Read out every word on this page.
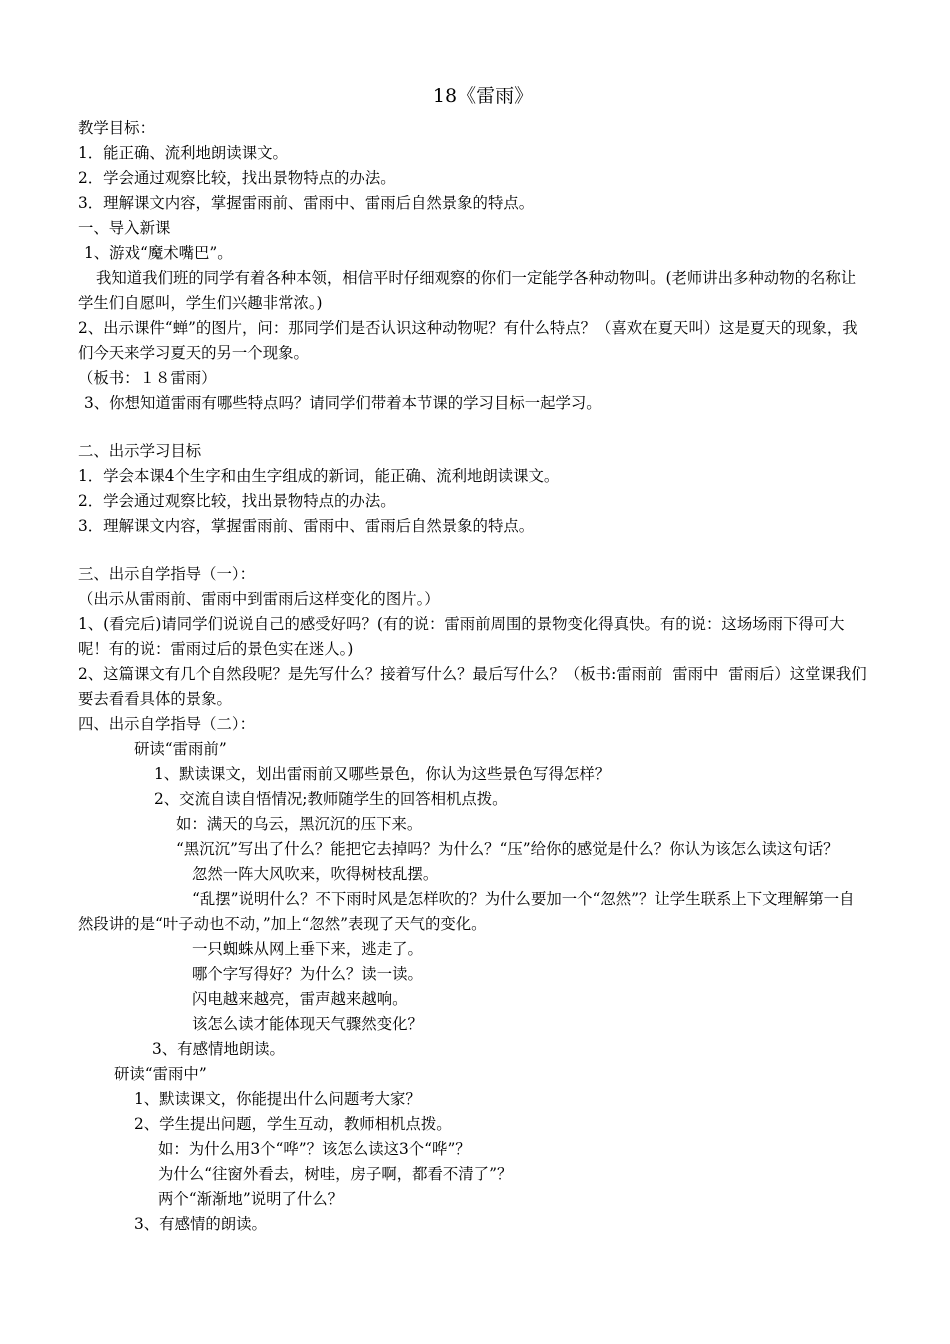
18《雷雨》

教学目标：

1．能正确、流利地朗读课文。

2．学会通过观察比较，找出景物特点的办法。

3．理解课文内容，掌握雷雨前、雷雨中、雷雨后自然景象的特点。

一、导入新课

1、游戏“魔术嘴巴”。

我知道我们班的同学有着各种本领，相信平时仔细观察的你们一定能学各种动物叫。(老师讲出多种动物的名称让学生们自愿叫，学生们兴趣非常浓。)

2、出示课件“蝉”的图片，问：那同学们是否认识这种动物呢？有什么特点？（喜欢在夏天叫）这是夏天的现象，我们今天来学习夏天的另一个现象。

（板书：１８雷雨）

3、你想知道雷雨有哪些特点吗？请同学们带着本节课的学习目标一起学习。

二、出示学习目标

1．学会本课4个生字和由生字组成的新词，能正确、流利地朗读课文。

2．学会通过观察比较，找出景物特点的办法。

3．理解课文内容，掌握雷雨前、雷雨中、雷雨后自然景象的特点。

三、出示自学指导（一）：

（出示从雷雨前、雷雨中到雷雨后这样变化的图片。）

1、(看完后)请同学们说说自己的感受好吗？(有的说：雷雨前周围的景物变化得真快。有的说：这场场雨下得可大呢！有的说：雷雨过后的景色实在迷人。)

2、这篇课文有几个自然段呢？是先写什么？接着写什么？最后写什么？（板书:雷雨前  雷雨中  雷雨后）这堂课我们要去看看具体的景象。

四、出示自学指导（二）：

研读“雷雨前”

1、默读课文，划出雷雨前又哪些景色，你认为这些景色写得怎样？

2、交流自读自悟情况;教师随学生的回答相机点拨。

如：满天的乌云，黑沉沉的压下来。

“黑沉沉”写出了什么？能把它去掉吗？为什么？“压”给你的感觉是什么？你认为该怎么读这句话？

忽然一阵大风吹来，吹得树枝乱摆。

“乱摆”说明什么？不下雨时风是怎样吹的？为什么要加一个“忽然”？让学生联系上下文理解第一自然段讲的是“叶子动也不动，”加上“忽然”表现了天气的变化。

一只蜘蛛从网上垂下来，逃走了。

哪个字写得好？为什么？读一读。

闪电越来越亮，雷声越来越响。

该怎么读才能体现天气骤然变化？

3、有感情地朗读。

研读“雷雨中”

1、默读课文，你能提出什么问题考大家？

2、学生提出问题，学生互动，教师相机点拨。

如：为什么用3个“哗”？该怎么读这3个“哗”？

为什么“往窗外看去，树哇，房子啊，都看不清了”？

两个“渐渐地”说明了什么？

3、有感情的朗读。
